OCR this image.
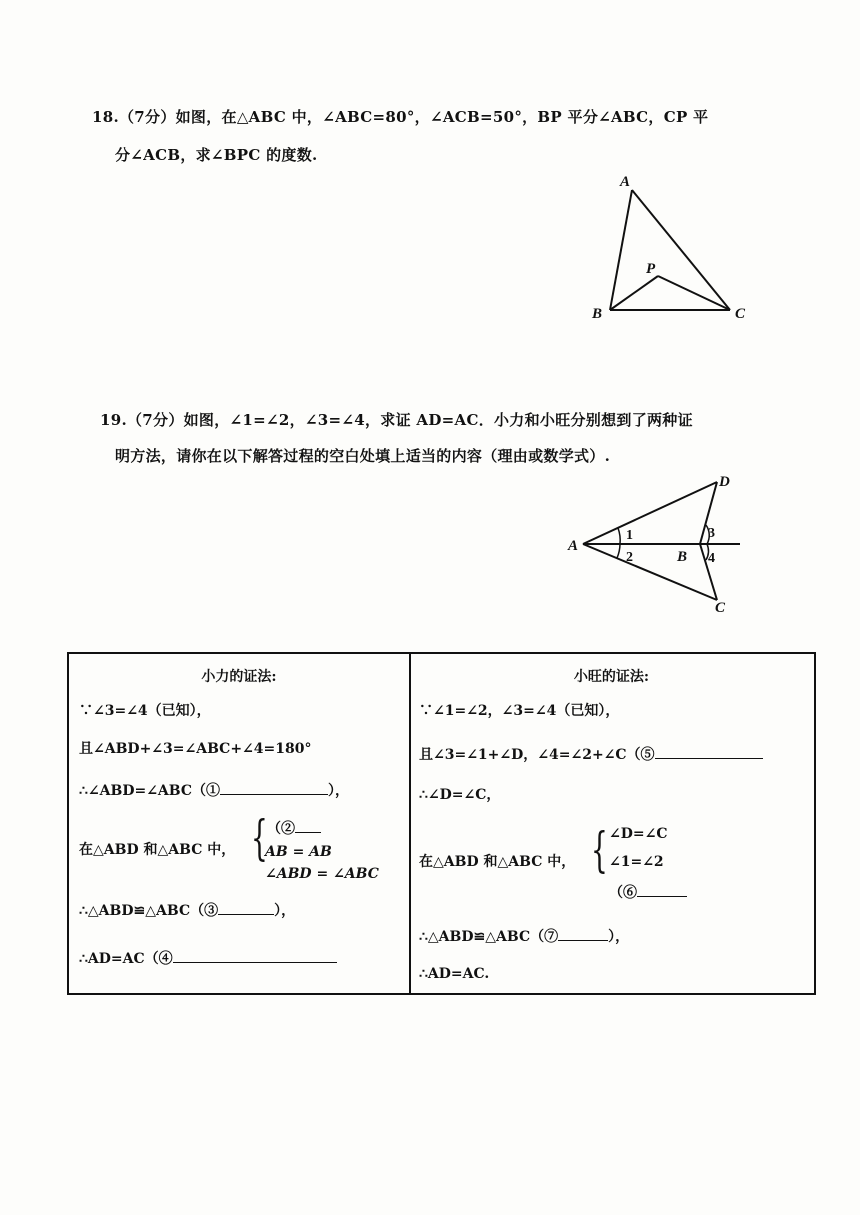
18.（7分）如图，在△ABC 中，∠ABC=80°，∠ACB=50°，BP 平分∠ABC，CP 平
分∠ACB，求∠BPC 的度数.
A
P
B	C
19.（7分）如图，∠1=∠2，∠3=∠4，求证 AD=AC．小力和小旺分别想到了两种证
明方法，请你在以下解答过程的空白处填上适当的内容（理由或数学式）.
A
D
B
C
1
2
3
4
小力的证法:
∵∠3=∠4（已知），
且∠ABD+∠3=∠ABC+∠4=180°
∴∠ABD=∠ABC（①	），
在△ABD 和△ABC 中， { （②
AB = AB
∠ABD = ∠ABC
∴△ABD≌△ABC（③	），
∴AD=AC（④
小旺的证法:
∵∠1=∠2，∠3=∠4（已知），
且∠3=∠1+∠D，∠4=∠2+∠C（⑤
∴∠D=∠C，
在△ABD 和△ABC 中， { ∠D=∠C
∠1=∠2
（⑥
∴△ABD≌△ABC（⑦	），
∴AD=AC.
